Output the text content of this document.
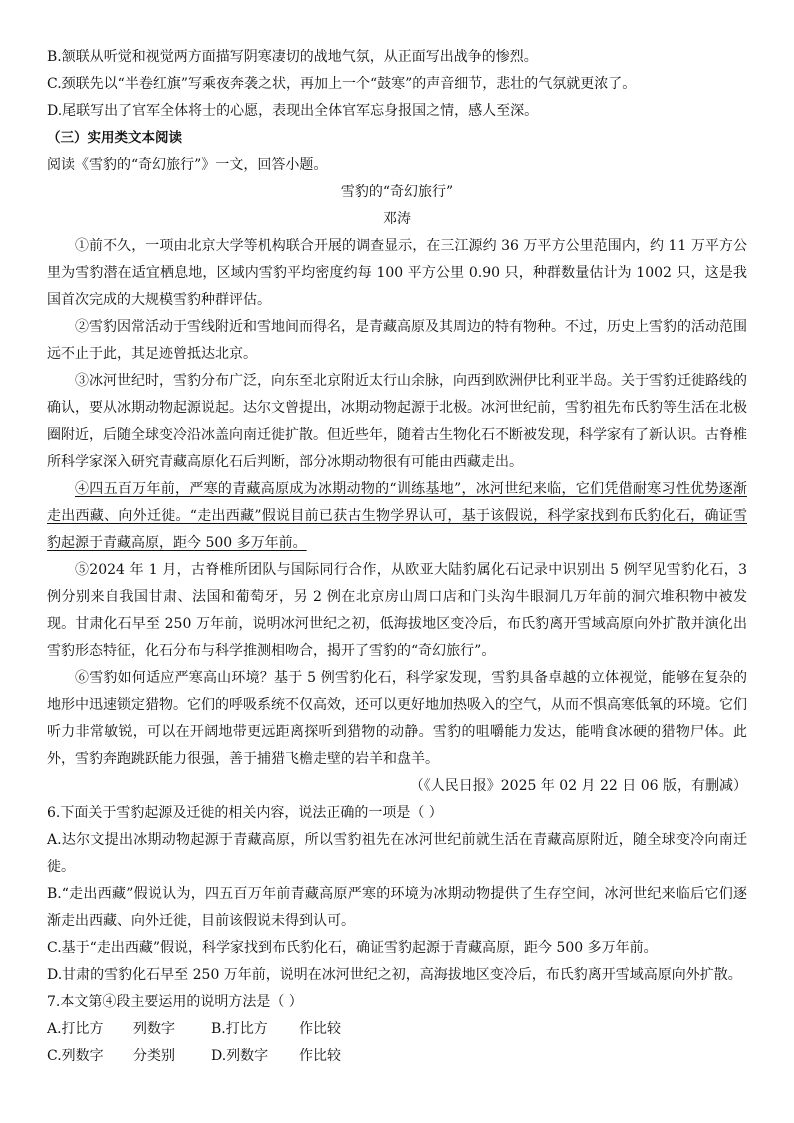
B.颔联从听觉和视觉两方面描写阴寒凄切的战地气氛，从正面写出战争的惨烈。
C.颈联先以“半卷红旗”写乘夜奔袭之状，再加上一个“鼓寒”的声音细节，悲壮的气氛就更浓了。
D.尾联写出了官军全体将士的心愿，表现出全体官军忘身报国之情，感人至深。
（三）实用类文本阅读
阅读《雪豹的“奇幻旅行”》一文，回答小题。
雪豹的“奇幻旅行”
邓涛
①前不久，一项由北京大学等机构联合开展的调查显示，在三江源约 36 万平方公里范围内，约 11 万平方公里为雪豹潜在适宜栖息地，区域内雪豹平均密度约每 100 平方公里 0.90 只，种群数量估计为 1002 只，这是我国首次完成的大规模雪豹种群评估。
②雪豹因常活动于雪线附近和雪地间而得名，是青藏高原及其周边的特有物种。不过，历史上雪豹的活动范围远不止于此，其足迹曾抵达北京。
③冰河世纪时，雪豹分布广泛，向东至北京附近太行山余脉，向西到欧洲伊比利亚半岛。关于雪豹迁徙路线的确认，要从冰期动物起源说起。达尔文曾提出，冰期动物起源于北极。冰河世纪前，雪豹祖先布氏豹等生活在北极圈附近，后随全球变冷沿冰盖向南迁徙扩散。但近些年，随着古生物化石不断被发现，科学家有了新认识。古脊椎所科学家深入研究青藏高原化石后判断，部分冰期动物很有可能由西藏走出。
④四五百万年前，严寒的青藏高原成为冰期动物的“训练基地”，冰河世纪来临，它们凭借耐寒习性优势逐渐走出西藏、向外迁徙。“走出西藏”假说目前已获古生物学界认可，基于该假说，科学家找到布氏豹化石，确证雪豹起源于青藏高原，距今 500 多万年前。
⑤2024 年 1 月，古脊椎所团队与国际同行合作，从欧亚大陆豹属化石记录中识别出 5 例罕见雪豹化石，3 例分别来自我国甘肃、法国和葡萄牙，另 2 例在北京房山周口店和门头沟牛眼洞几万年前的洞穴堆积物中被发现。甘肃化石早至 250 万年前，说明冰河世纪之初，低海拔地区变冷后，布氏豹离开雪域高原向外扩散并演化出雪豹形态特征，化石分布与科学推测相吻合，揭开了雪豹的“奇幻旅行”。
⑥雪豹如何适应严寒高山环境？基于 5 例雪豹化石，科学家发现，雪豹具备卓越的立体视觉，能够在复杂的地形中迅速锁定猎物。它们的呼吸系统不仅高效，还可以更好地加热吸入的空气，从而不惧高寒低氧的环境。它们听力非常敏锐，可以在开阔地带更远距离探听到猎物的动静。雪豹的咀嚼能力发达，能啃食冰硬的猎物尸体。此外，雪豹奔跑跳跃能力很强，善于捕猎飞檐走壁的岩羊和盘羊。
（《人民日报》2025 年 02 月 22 日 06 版，有删减）
6.下面关于雪豹起源及迁徙的相关内容，说法正确的一项是（ ）
A.达尔文提出冰期动物起源于青藏高原，所以雪豹祖先在冰河世纪前就生活在青藏高原附近，随全球变冷向南迁徙。
B.“走出西藏”假说认为，四五百万年前青藏高原严寒的环境为冰期动物提供了生存空间，冰河世纪来临后它们逐渐走出西藏、向外迁徙，目前该假说未得到认可。
C.基于“走出西藏”假说，科学家找到布氏豹化石，确证雪豹起源于青藏高原，距今 500 多万年前。
D.甘肃的雪豹化石早至 250 万年前，说明在冰河世纪之初，高海拔地区变冷后，布氏豹离开雪域高原向外扩散。
7.本文第④段主要运用的说明方法是（ ）
A.打比方	列数字	B.打比方	作比较
C.列数字	分类别	D.列数字	作比较
